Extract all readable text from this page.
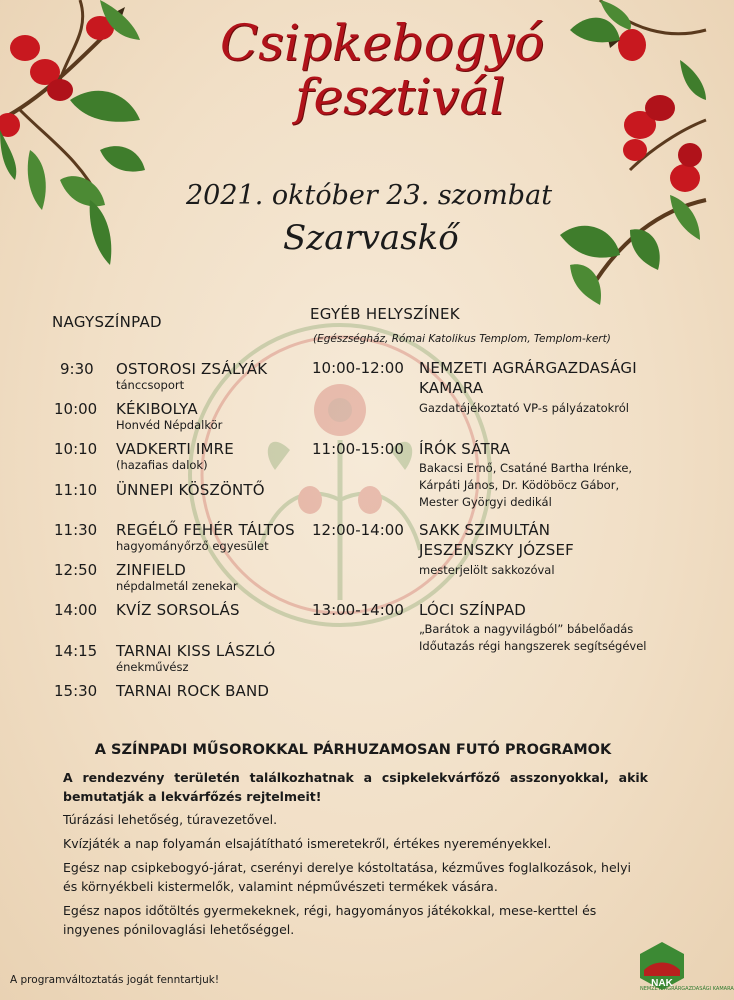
Csipkebogyó
fesztivál
2021. október 23. szombat
Szarvaskő
NAGYSZÍNPAD
9:30 OSTOROSI ZSÁLYÁK
tánccsoport
10:00 KÉKIBOLYA
Honvéd Népdalkör
10:10 VADKERTI IMRE
(hazafias dalok)
11:10 ÜNNEPI KÖSZÖNTŐ
11:30 REGÉLŐ FEHÉR TÁLTOS
hagyományőrző egyesület
12:50 ZINFIELD
népdalmetál zenekar
14:00 KVÍZ SORSOLÁS
14:15 TARNAI KISS LÁSZLÓ
énekművész
15:30 TARNAI ROCK BAND
EGYÉB HELYSZÍNEK
(Egészségház, Római Katolikus Templom, Templom-kert)
10:00-12:00 NEMZETI AGRÁRGAZDASÁGI
KAMARA
Gazdatájékoztató VP-s pályázatokról
11:00-15:00 ÍRÓK SÁTRA
Bakacsi Ernő, Csatáné Bartha Irénke,
Kárpáti János, Dr. Ködöböcz Gábor,
Mester Györgyi dedikál
12:00-14:00 SAKK SZIMULTÁN
JESZENSZKY JÓZSEF
mesterjelölt sakkozóval
13:00-14:00 LÓCI SZÍNPAD
„Barátok a nagyvilágból” bábelőadás
Időutazás régi hangszerek segítségével
A SZÍNPADI MŰSOROKKAL PÁRHUZAMOSAN FUTÓ PROGRAMOK
A rendezvény területén találkozhatnak a csipkelekvárfőző asszonyokkal, akik bemutatják a lekvárfőzés rejtelmeit!
Túrázási lehetőség, túravezetővel.
Kvízjáték a nap folyamán elsajátítható ismeretekről, értékes nyereményekkel.
Egész nap csipkebogyó-járat, cserényi derelye kóstoltatása, kézműves foglalkozások, helyi és környékbeli kistermelők, valamint népművészeti termékek vására.
Egész napos időtöltés gyermekeknek, régi, hagyományos játékokkal, mese-kerttel és ingyenes pónilovaglási lehetőséggel.
A programváltoztatás jogát fenntartjuk!	NAK
NEMZETI AGRÁRGAZDASÁGI KAMARA
